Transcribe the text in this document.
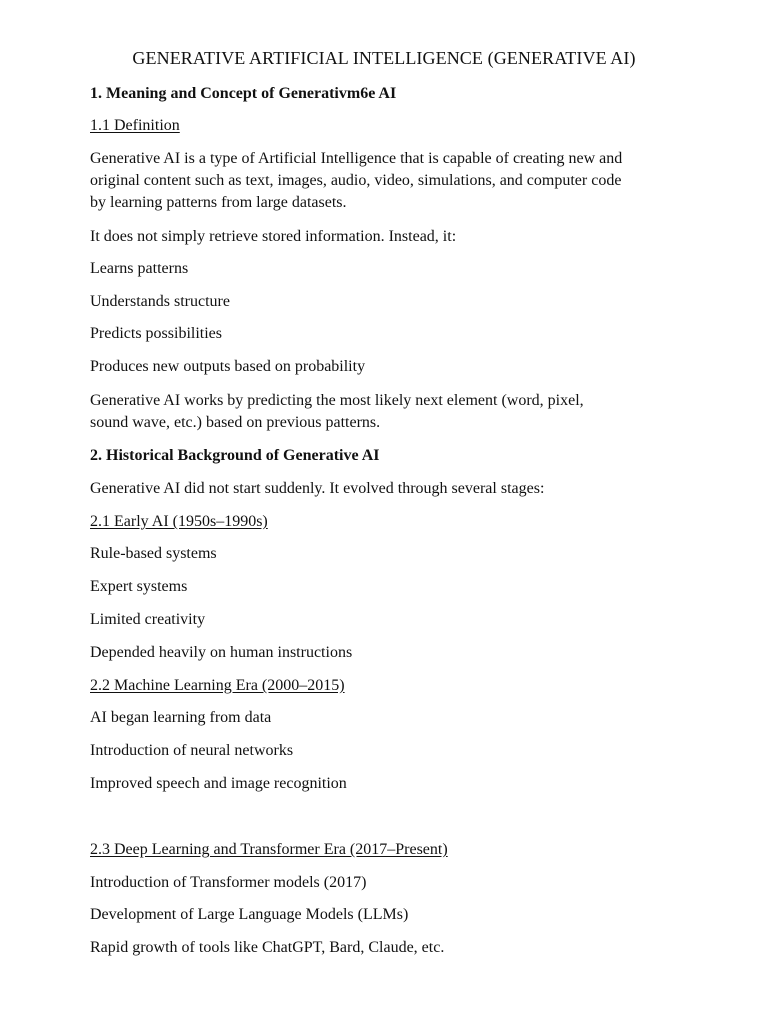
GENERATIVE ARTIFICIAL INTELLIGENCE (GENERATIVE AI)

1. Meaning and Concept of Generativm6e AI

1.1 Definition

Generative AI is a type of Artificial Intelligence that is capable of creating new and

original content such as text, images, audio, video, simulations, and computer code

by learning patterns from large datasets.

It does not simply retrieve stored information. Instead, it:

Learns patterns

Understands structure

Predicts possibilities

Produces new outputs based on probability

Generative AI works by predicting the most likely next element (word, pixel,

sound wave, etc.) based on previous patterns.

2. Historical Background of Generative AI

Generative AI did not start suddenly. It evolved through several stages:

2.1 Early AI (1950s–1990s)

Rule-based systems

Expert systems

Limited creativity

Depended heavily on human instructions

2.2 Machine Learning Era (2000–2015)

AI began learning from data

Introduction of neural networks

Improved speech and image recognition

2.3 Deep Learning and Transformer Era (2017–Present)

Introduction of Transformer models (2017)

Development of Large Language Models (LLMs)

Rapid growth of tools like ChatGPT, Bard, Claude, etc.
